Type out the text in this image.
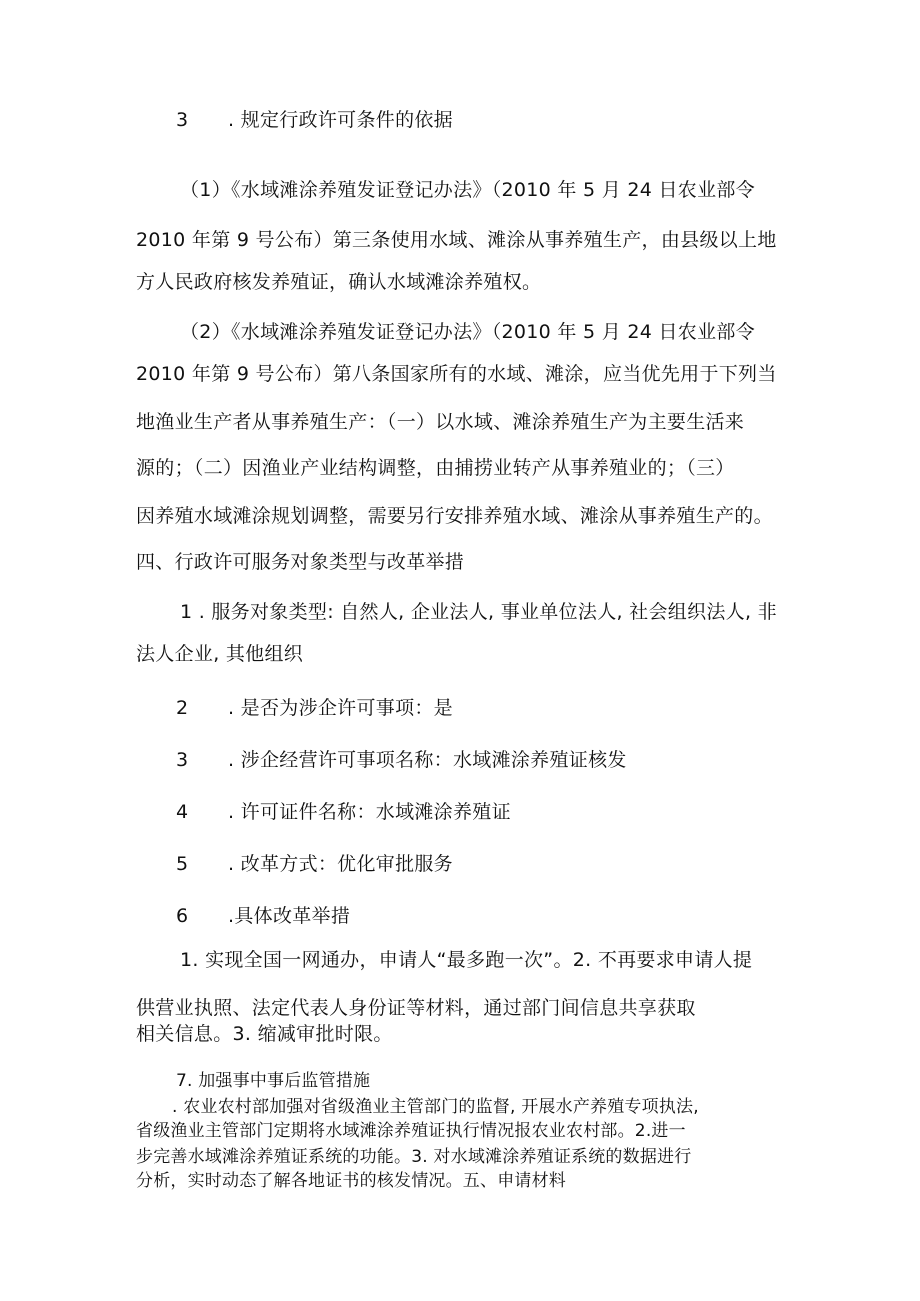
3 . 规定行政许可条件的依据
（1）《水域滩涂养殖发证登记办法》（2010 年 5 月 24 日农业部令
2010 年第 9 号公布）第三条使用水域、滩涂从事养殖生产，由县级以上地
方人民政府核发养殖证，确认水域滩涂养殖权。
（2）《水域滩涂养殖发证登记办法》（2010 年 5 月 24 日农业部令
2010 年第 9 号公布）第八条国家所有的水域、滩涂，应当优先用于下列当
地渔业生产者从事养殖生产：（一）以水域、滩涂养殖生产为主要生活来
源的；（二）因渔业产业结构调整，由捕捞业转产从事养殖业的；（三）
因养殖水域滩涂规划调整，需要另行安排养殖水域、滩涂从事养殖生产的。
四、行政许可服务对象类型与改革举措
1 . 服务对象类型: 自然人, 企业法人, 事业单位法人, 社会组织法人, 非
法人企业, 其他组织
2 . 是否为涉企许可事项：是
3 . 涉企经营许可事项名称：水域滩涂养殖证核发
4 . 许可证件名称：水域滩涂养殖证
5 . 改革方式：优化审批服务
6 .具体改革举措
1. 实现全国一网通办，申请人“最多跑一次”。2. 不再要求申请人提
供营业执照、法定代表人身份证等材料，通过部门间信息共享获取
相关信息。3. 缩减审批时限。
7. 加强事中事后监管措施
. 农业农村部加强对省级渔业主管部门的监督, 开展水产养殖专项执法,
省级渔业主管部门定期将水域滩涂养殖证执行情况报农业农村部。2.进一
步完善水域滩涂养殖证系统的功能。3. 对水域滩涂养殖证系统的数据进行
分析，实时动态了解各地证书的核发情况。五、申请材料
